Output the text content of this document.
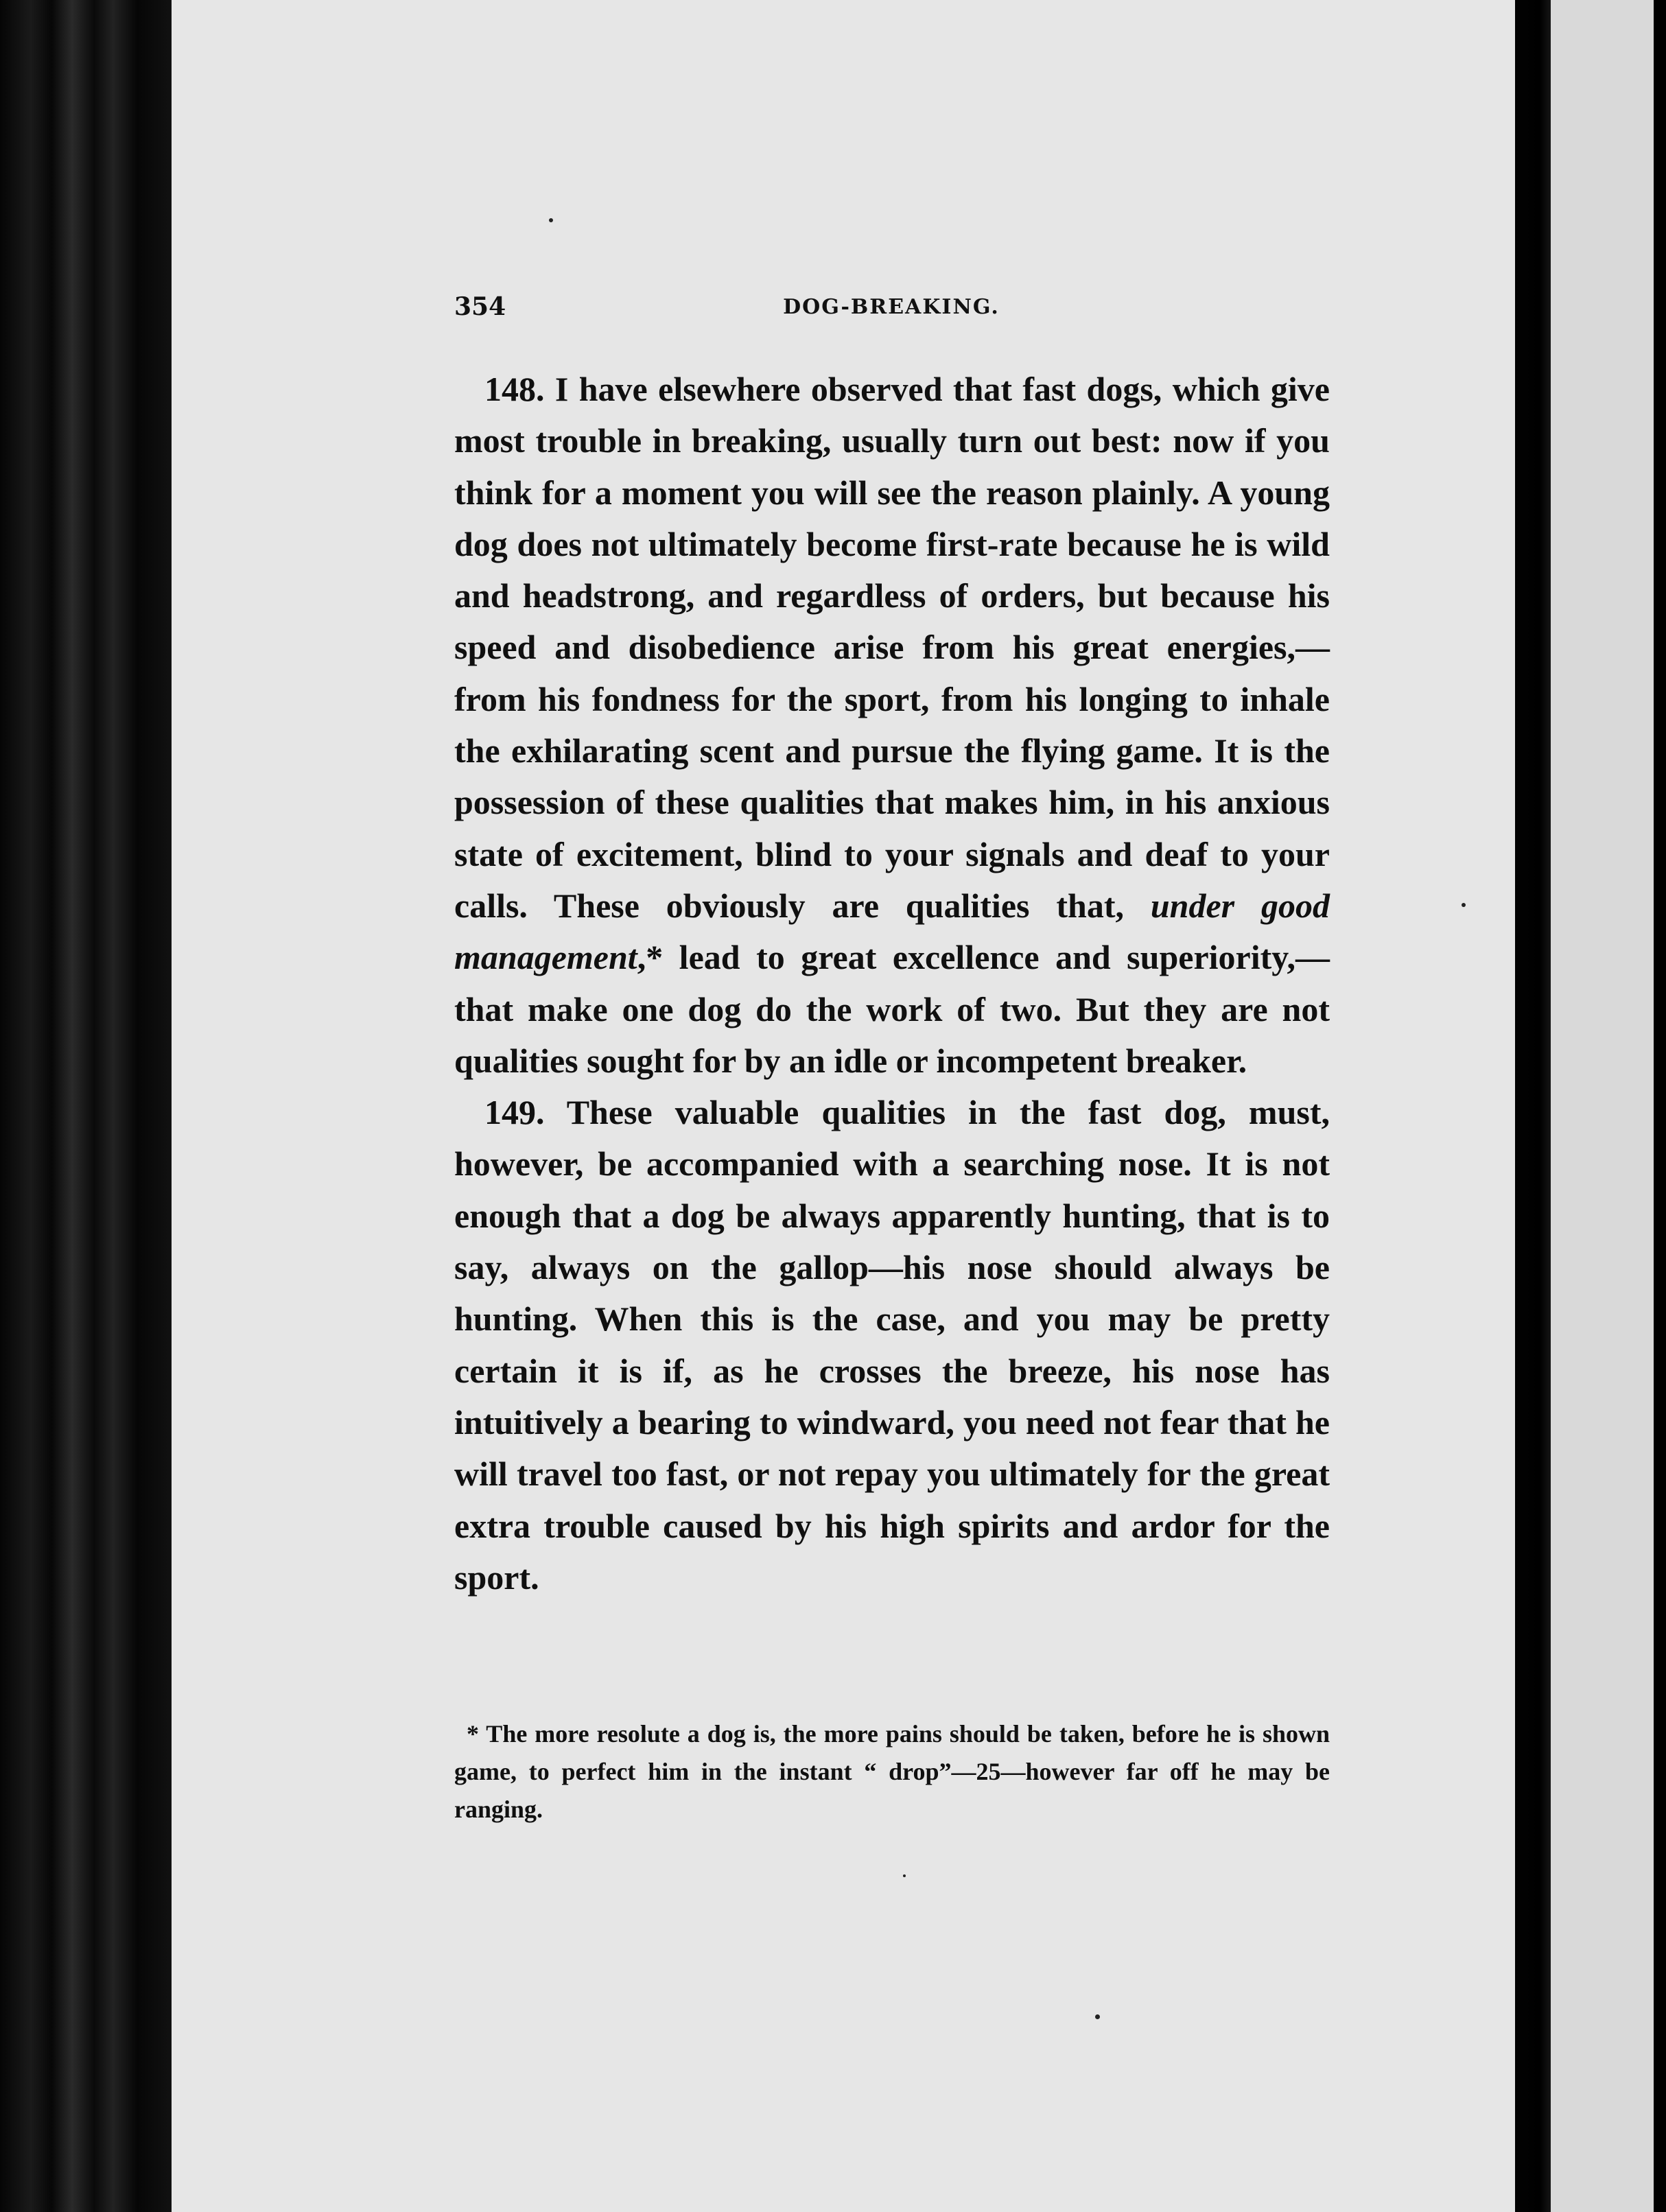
354	DOG-BREAKING.

148. I have elsewhere observed that fast dogs, which give most trouble in breaking, usually turn out best: now if you think for a moment you will see the reason plainly. A young dog does not ultimately become first-rate because he is wild and headstrong, and regardless of orders, but because his speed and disobedience arise from his great energies,—from his fondness for the sport, from his longing to inhale the exhilarating scent and pursue the flying game. It is the possession of these qualities that makes him, in his anxious state of excitement, blind to your signals and deaf to your calls. These obviously are qualities that, under good management,* lead to great excellence and superiority,—that make one dog do the work of two. But they are not qualities sought for by an idle or incompetent breaker.

149. These valuable qualities in the fast dog, must, however, be accompanied with a searching nose. It is not enough that a dog be always apparently hunting, that is to say, always on the gallop—his nose should always be hunting. When this is the case, and you may be pretty certain it is if, as he crosses the breeze, his nose has intuitively a bearing to windward, you need not fear that he will travel too fast, or not repay you ultimately for the great extra trouble caused by his high spirits and ardor for the sport.

* The more resolute a dog is, the more pains should be taken, before he is shown game, to perfect him in the instant “ drop”—25—however far off he may be ranging.
